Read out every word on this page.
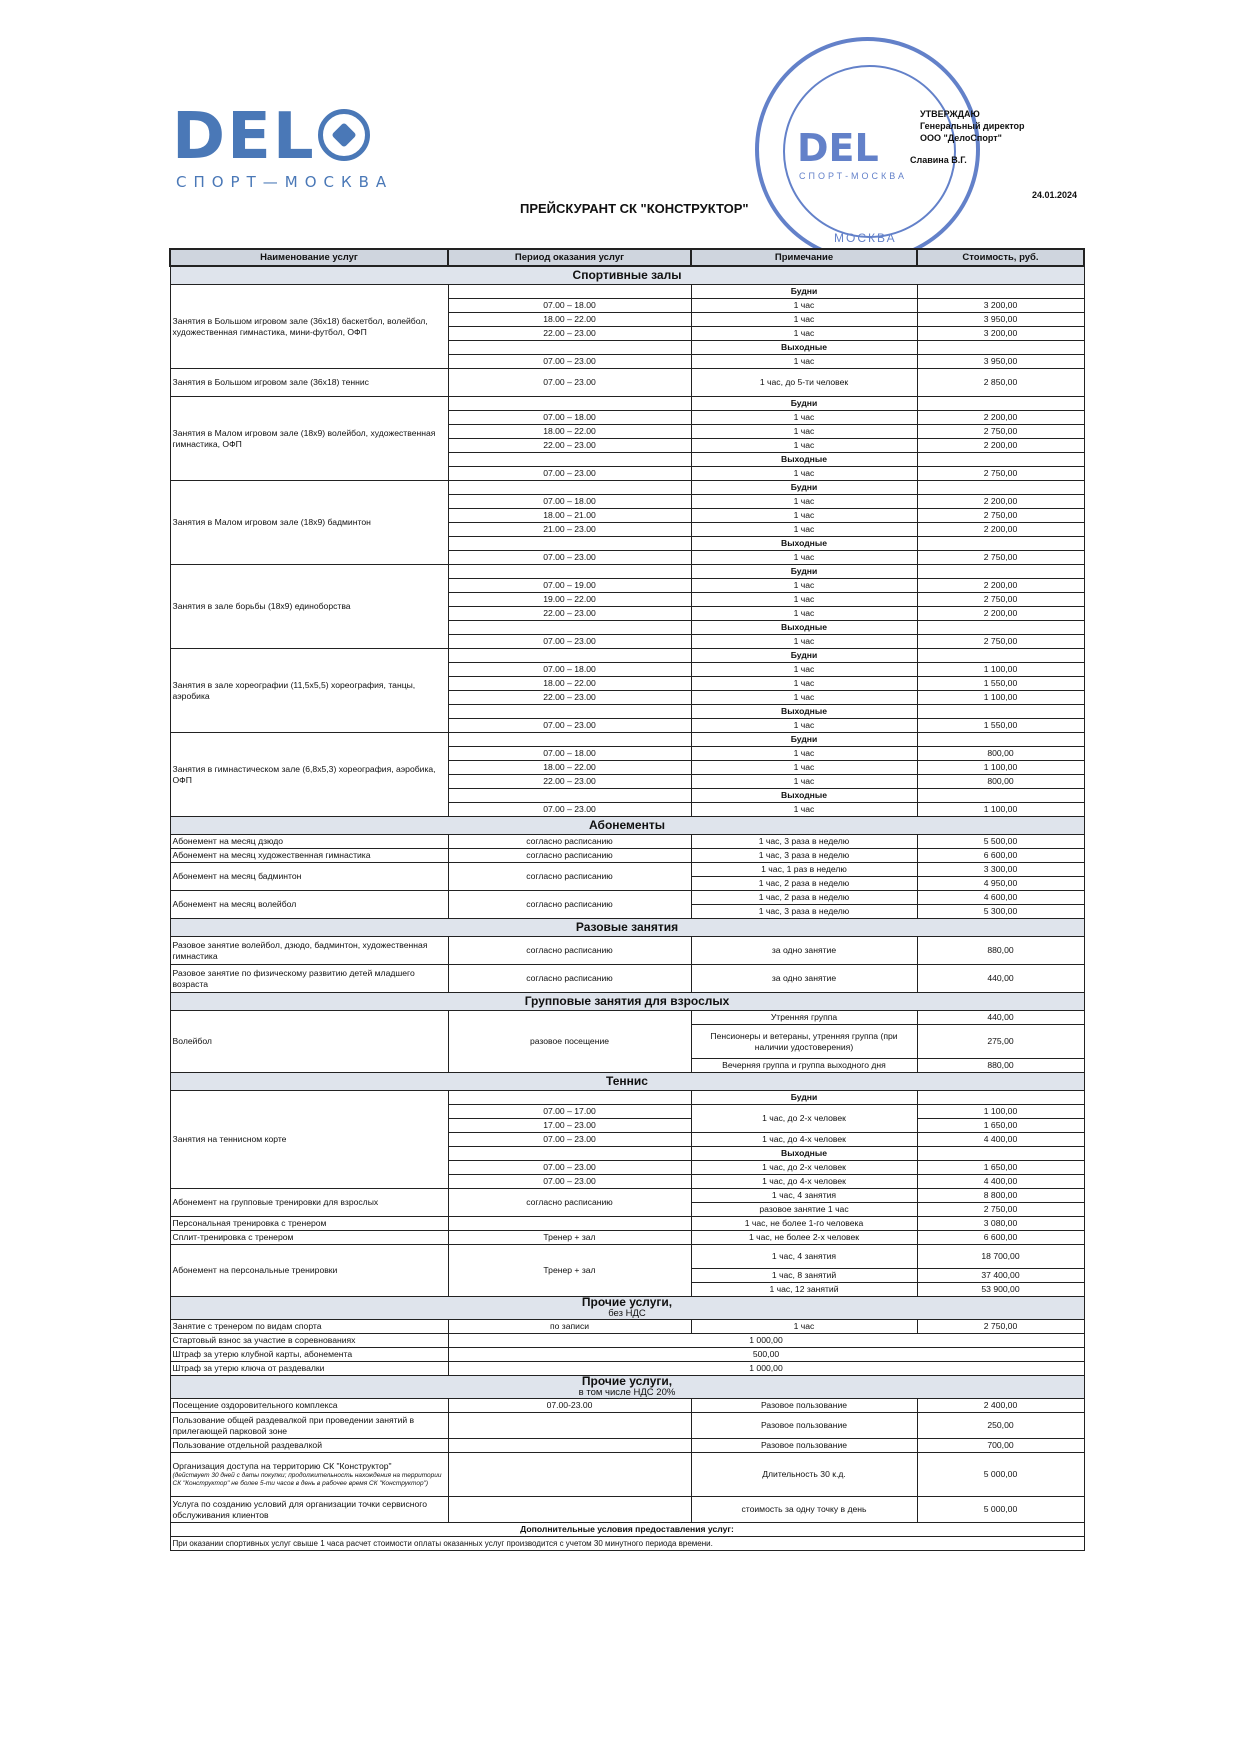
DEL
СПОРТ—МОСКВА
DEL
СПОРТ-МОСКВА
МОСКВА
УТВЕРЖДАЮ
Генеральный директор
ООО "ДелоСпорт"
Славина В.Г.
24.01.2024
ПРЕЙСКУРАНТ СК "КОНСТРУКТОР"
Наименование услуг	Период оказания услуг	Примечание	Стоимость, руб.
Спортивные залы			
Занятия в Большом игровом зале (36х18) баскетбол, волейбол, художественная гимнастика, мини-футбол, ОФП		Будни	
	07.00 – 18.00	1 час	3 200,00
	18.00 – 22.00	1 час	3 950,00
	22.00 – 23.00	1 час	3 200,00
		Выходные	
	07.00 – 23.00	1 час	3 950,00
Занятия в Большом игровом зале (36х18) теннис	07.00 – 23.00	1 час, до 5-ти человек	2 850,00
Занятия в Малом игровом зале (18х9) волейбол, художественная гимнастика, ОФП		Будни	
	07.00 – 18.00	1 час	2 200,00
	18.00 – 22.00	1 час	2 750,00
	22.00 – 23.00	1 час	2 200,00
		Выходные	
	07.00 – 23.00	1 час	2 750,00
Занятия в Малом игровом зале (18х9) бадминтон		Будни	
	07.00 – 18.00	1 час	2 200,00
	18.00 – 21.00	1 час	2 750,00
	21.00 – 23.00	1 час	2 200,00
		Выходные	
	07.00 – 23.00	1 час	2 750,00
Занятия в зале борьбы (18х9) единоборства		Будни	
	07.00 – 19.00	1 час	2 200,00
	19.00 – 22.00	1 час	2 750,00
	22.00 – 23.00	1 час	2 200,00
		Выходные	
	07.00 – 23.00	1 час	2 750,00
Занятия в зале хореографии (11,5х5,5) хореография, танцы, аэробика		Будни	
	07.00 – 18.00	1 час	1 100,00
	18.00 – 22.00	1 час	1 550,00
	22.00 – 23.00	1 час	1 100,00
		Выходные	
	07.00 – 23.00	1 час	1 550,00
Занятия в гимнастическом зале (6,8х5,3) хореография, аэробика, ОФП		Будни	
	07.00 – 18.00	1 час	800,00
	18.00 – 22.00	1 час	1 100,00
	22.00 – 23.00	1 час	800,00
		Выходные	
	07.00 – 23.00	1 час	1 100,00
Абонементы			
Абонемент на месяц дзюдо	согласно расписанию	1 час, 3 раза в неделю	5 500,00
Абонемент на месяц художественная гимнастика	согласно расписанию	1 час, 3 раза в неделю	6 600,00
Абонемент на месяц бадминтон	согласно расписанию	1 час, 1 раз в неделю	3 300,00
		1 час, 2 раза в неделю	4 950,00
Абонемент на месяц волейбол	согласно расписанию	1 час, 2 раза в неделю	4 600,00
		1 час, 3 раза в неделю	5 300,00
Разовые занятия			
Разовое занятие волейбол, дзюдо, бадминтон, художественная гимнастика	согласно расписанию	за одно занятие	880,00
Разовое занятие по физическому развитию детей младшего возраста	согласно расписанию	за одно занятие	440,00
Групповые занятия для взрослых			
Волейбол	разовое посещение	Утренняя группа	440,00
		Пенсионеры и ветераны, утренняя группа (при наличии удостоверения)	275,00
		Вечерняя группа и группа выходного дня	880,00
Теннис			
Занятия на теннисном корте		Будни	
	07.00 – 17.00	1 час, до 2-х человек	1 100,00
	17.00 – 23.00		1 650,00
	07.00 – 23.00	1 час, до 4-х человек	4 400,00
		Выходные	
	07.00 – 23.00	1 час, до 2-х человек	1 650,00
	07.00 – 23.00	1 час, до 4-х человек	4 400,00
Абонемент на групповые тренировки для взрослых	согласно расписанию	1 час, 4 занятия	8 800,00
		разовое занятие 1 час	2 750,00
Персональная тренировка с тренером		1 час, не более 1-го человека	3 080,00
Сплит-тренировка с тренером	Тренер + зал	1 час, не более 2-х человек	6 600,00
Абонемент на персональные тренировки	Тренер + зал	1 час, 4 занятия	18 700,00
		1 час, 8 занятий	37 400,00
		1 час, 12 занятий	53 900,00
Прочие услуги,
без НДС			

Занятие с тренером по видам спорта	по записи	1 час	2 750,00
Стартовый взнос за участие в соревнованиях	1 000,00		
Штраф за утерю клубной карты, абонемента	500,00		
Штраф за утерю ключа от раздевалки	1 000,00		
Прочие услуги,
в том числе НДС 20%			

Посещение оздоровительного комплекса	07.00-23.00	Разовое пользование	2 400,00
Пользование общей раздевалкой при проведении занятий в прилегающей парковой зоне		Разовое пользование	250,00
Пользование отдельной раздевалкой		Разовое пользование	700,00

Организация доступа на территорию СК "Конструктор"
(действует 30 дней с даты покупки; продолжительность нахождения на территории СК "Конструктор" не более 5-ти часов в день в рабочее время СК "Конструктор")		Длительность 30 к.д.	5 000,00
Услуга по созданию условий для организации точки сервисного обслуживания клиентов		стоимость за одну точку в день	5 000,00
Дополнительные условия предоставления услуг:			
При оказании спортивных услуг свыше 1 часа расчет стоимости оплаты оказанных услуг производится с учетом 30 минутного периода времени.			
